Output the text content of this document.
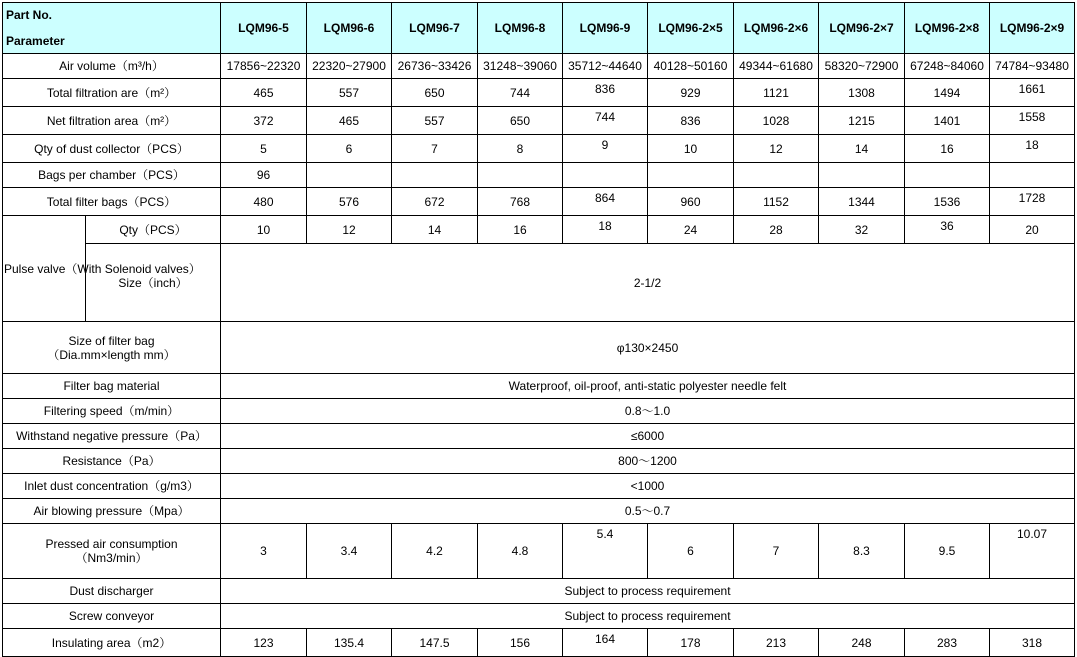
Part No.
Parameter		LQM96-5	LQM96-6	LQM96-7	LQM96-8	LQM96-9	LQM96-2×5	LQM96-2×6	LQM96-2×7	LQM96-2×8	LQM96-2×9
Air volume（m³/h）		17856~22320	22320~27900	26736~33426	31248~39060	35712~44640	40128~50160	49344~61680	58320~72900	67248~84060	74784~93480
Total filtration are（m²）		465	557	650	744	836	929	1121	1308	1494	1661
Net filtration area（m²）		372	465	557	650	744	836	1028	1215	1401	1558
Qty of dust collector（PCS）		5	6	7	8	9	10	12	14	16	18
Bags per chamber（PCS）		96									
Total filter bags（PCS）		480	576	672	768	864	960	1152	1344	1536	1728
Pulse valve（With Solenoid valves）	Qty（PCS）	10	12	14	16	18	24	28	32	36	20
	Size（inch）	2-1/2									
Size of filter bag
（Dia.mm×length mm）		φ130×2450									
Filter bag material		Waterproof, oil-proof, anti-static polyester needle felt									
Filtering speed（m/min）		0.8～1.0									
Withstand negative pressure（Pa）		≤6000									
Resistance（Pa）		800～1200									
Inlet dust concentration（g/m3）		<1000									
Air blowing pressure（Mpa）		0.5～0.7									
Pressed air consumption
（Nm3/min）		3	3.4	4.2	4.8	5.4	6	7	8.3	9.5	10.07
Dust discharger		Subject to process requirement									
Screw conveyor		Subject to process requirement									
Insulating area（m2）		123	135.4	147.5	156	164	178	213	248	283	318
